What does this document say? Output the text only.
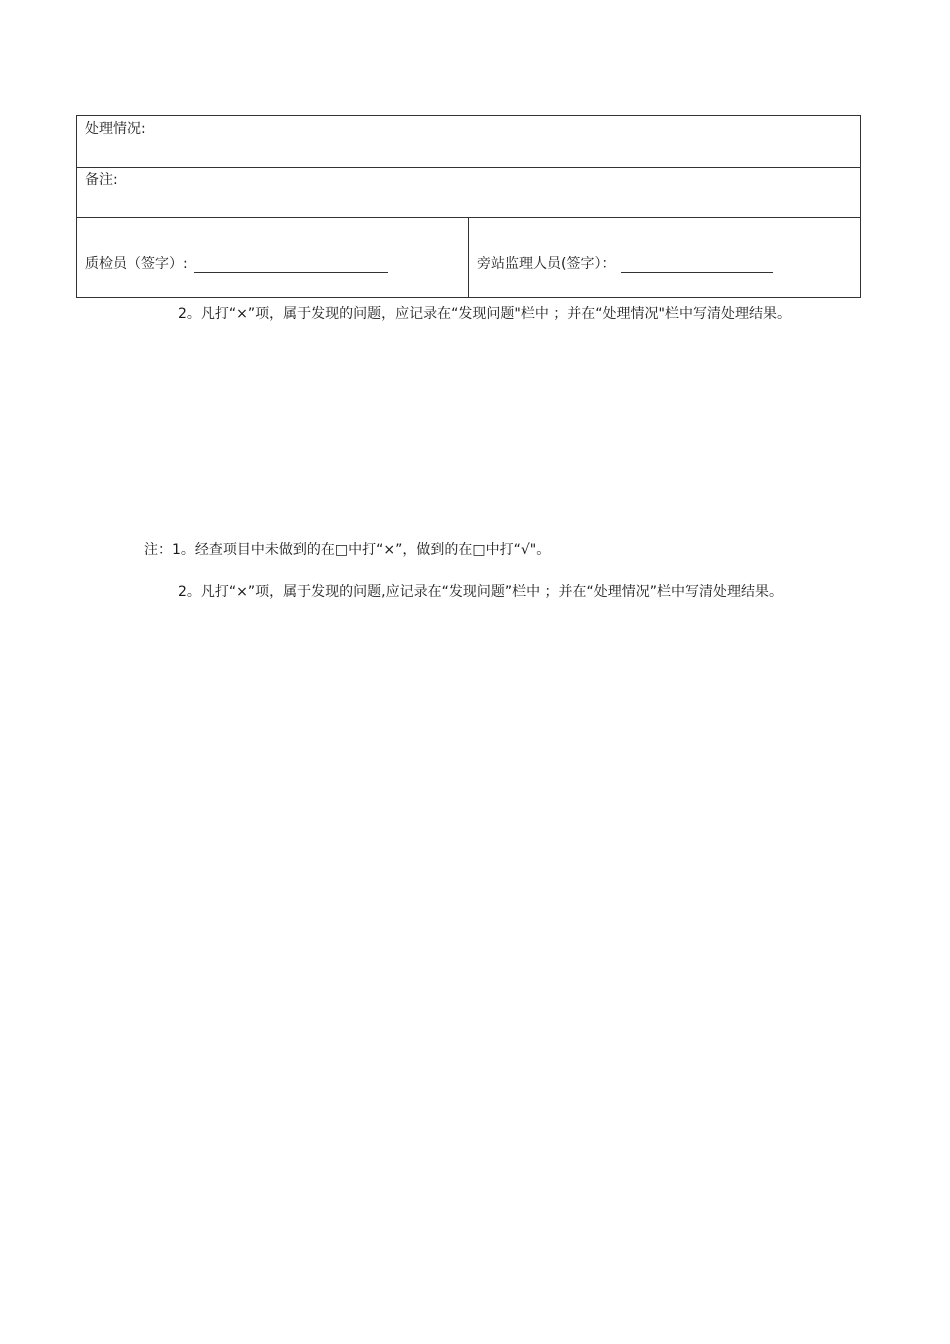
处理情况:
备注:
质检员（签字）:	旁站监理人员(签字）：

2。凡打“×”项，属于发现的问题，应记录在“发现问题"栏中 ；并在“处理情况"栏中写清处理结果。

注：1。经查项目中未做到的在□中打“×”，做到的在□中打“√"。

2。凡打“×”项，属于发现的问题,应记录在“发现问题”栏中 ；并在“处理情况”栏中写清处理结果。
